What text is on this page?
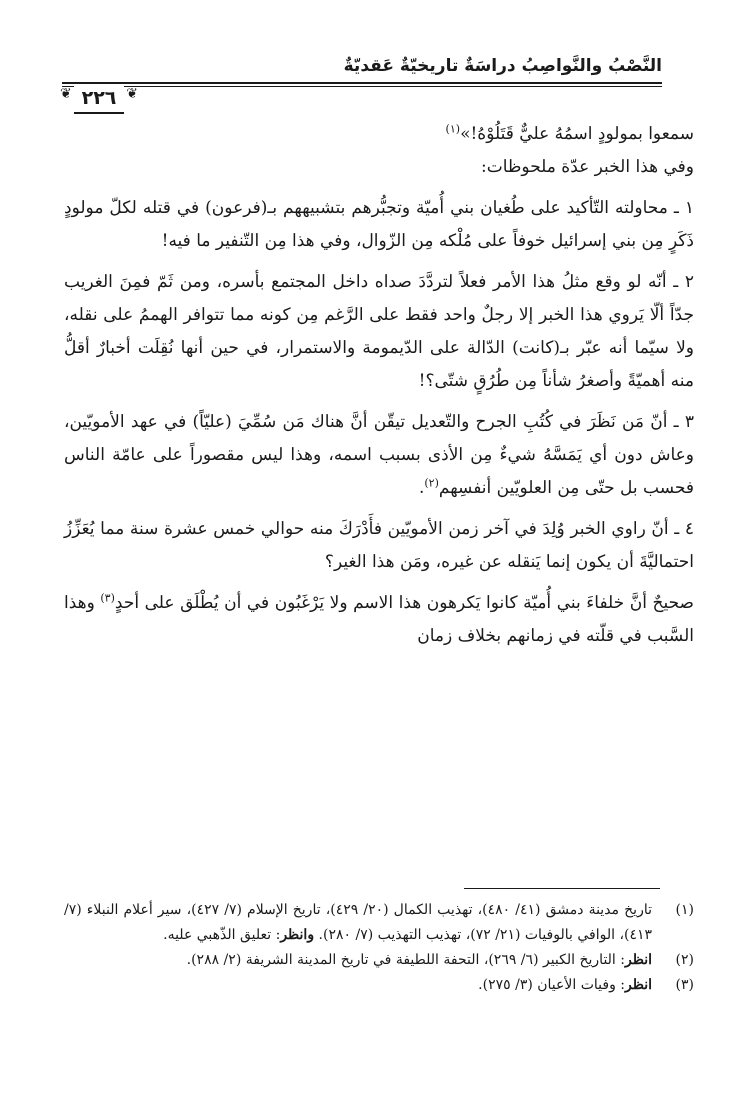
النَّصْبُ والنَّواصِبُ دراسَةٌ تاريخيّةٌ عَقديّةٌ
❦ ٢٢٦ ❦

سمعوا بمولودٍ اسمُهُ عليٌّ قَتَلُوْهُ!»$^{(١)}$

وفي هذا الخبر عدّة ملحوظات:

١ ـ محاولته التّأكيد على طُغيان بني أُميّة وتجبُّرهم بتشبيههم بـ(فرعون) في قتله لكلّ مولودٍ ذَكَرٍ مِن بني إسرائيل خوفاً على مُلْكه مِن الزّوال، وفي هذا مِن التّنفير ما فيه!

٢ ـ أنّه لو وقع مثلُ هذا الأمر فعلاً لتردَّدَ صداه داخل المجتمع بأسره، ومن ثَمّ فمِنَ الغريب جدّاً ألّا يَروي هذا الخبر إلا رجلٌ واحد فقط على الرَّغم مِن كونه مما تتوافر الهممُ على نقله، ولا سيّما أنه عبّر بـ(كانت) الدّالة على الدّيمومة والاستمرار، في حين أنها نُقِلَت أخبارٌ أقلُّ منه أهميّةً وأصغرُ شأناً مِن طُرُقٍ شتّى؟!

٣ ـ أنّ مَن نَظَرَ في كُتُبِ الجرح والتّعديل تيقّن أنَّ هناك مَن سُمِّيَ (عليّاً) في عهد الأمويّين، وعاش دون أي يَمَسَّهُ شيءٌ مِن الأذى بسبب اسمه، وهذا ليس مقصوراً على عامّة الناس فحسب بل حتّى مِن العلويّين أنفسِهم$^{(٢)}$.

٤ ـ أنّ راوي الخبر وُلِدَ في آخر زمن الأمويّين فأَدْرَكَ منه حوالي خمس عشرة سنة مما يُعَزِّزُ احتماليَّةَ أن يكون إنما يَنقله عن غيره، ومَن هذا الغير؟

صحيحٌ أنَّ خلفاءَ بني أُميّة كانوا يَكرهون هذا الاسم ولا يَرْغَبُون في أن يُطْلَق على أحدٍ$^{(٣)}$ وهذا السَّبب في قلّته في زمانهم بخلاف زمان

(١)
تاريخ مدينة دمشق (٤١/ ٤٨٠)، تهذيب الكمال (٢٠/ ٤٢٩)، تاريخ الإسلام (٧/ ٤٢٧)، سير أعلام النبلاء (٧/ ٤١٣)، الوافي بالوفيات (٢١/ ٧٢)، تهذيب التهذيب (٧/ ٢٨٠). وانظر: تعليق الذّهبي عليه.
(٢)
انظر: التاريخ الكبير (٦/ ٢٦٩)، التحفة اللطيفة في تاريخ المدينة الشريفة (٢/ ٢٨٨).
(٣)
انظر: وفيات الأعيان (٣/ ٢٧٥).
